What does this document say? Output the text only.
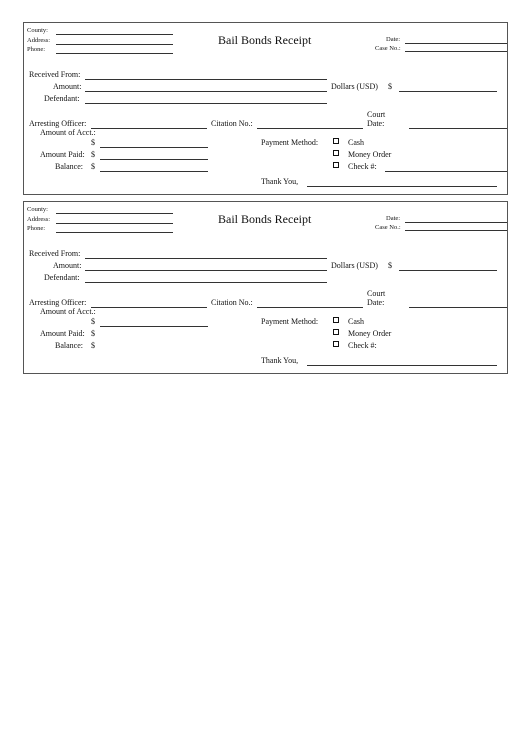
County:
Address:
Phone:
Bail Bonds Receipt	Date:
Case No.:
Received From:
Amount:	Dollars (USD) $
Defendant:
Arresting Officer:	Citation No.:
Court
Date:
Amount of Acct.:
$
Amount Paid: $
Balance: $
Payment Method:	Cash
Money Order
Check #:
Thank You,
County:
Address:
Phone:
Bail Bonds Receipt	Date:
Case No.:
Received From:
Amount:	Dollars (USD) $
Defendant:
Arresting Officer:	Citation No.:
Court
Date:
Amount of Acct.:
$
Amount Paid: $
Balance: $
Payment Method:	Cash
Money Order
Check #:
Thank You,
